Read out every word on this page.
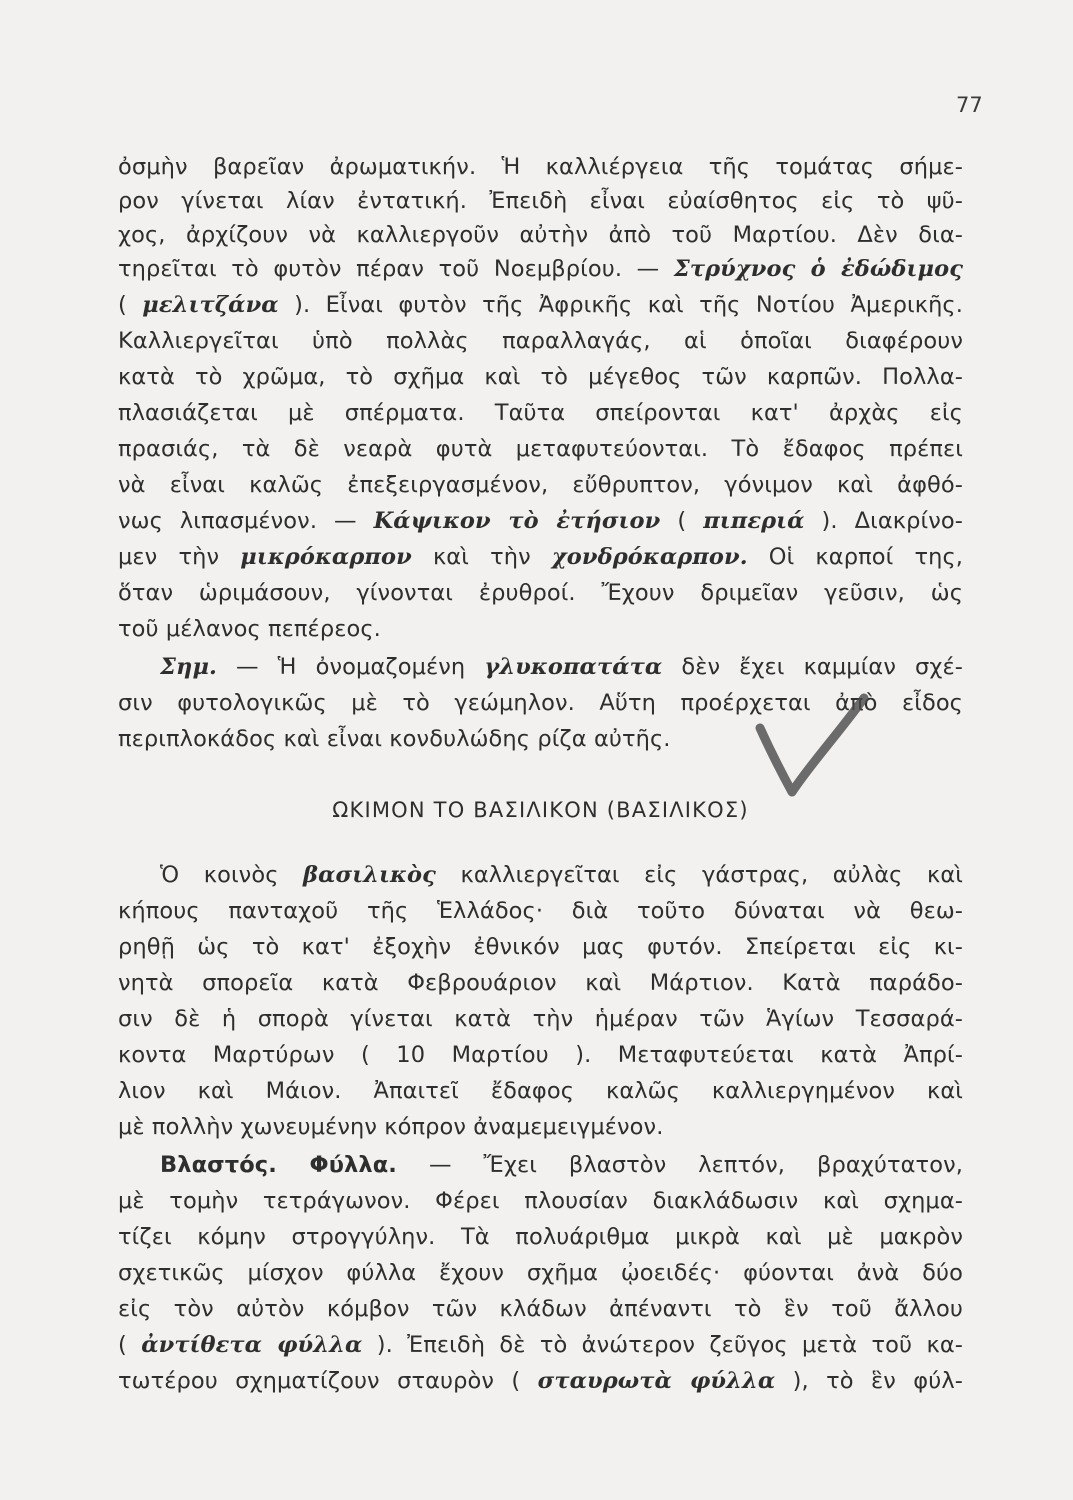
77
ὀσμὴν βαρεῖαν ἀρωματικήν. Ἡ καλλιέργεια τῆς τομάτας σήμε-
ρον γίνεται λίαν ἐντατική. Ἐπειδὴ εἶναι εὐαίσθητος εἰς τὸ ψῦ-
χος, ἀρχίζουν νὰ καλλιεργοῦν αὐτὴν ἀπὸ τοῦ Μαρτίου. Δὲν δια-
τηρεῖται τὸ φυτὸν πέραν τοῦ Νοεμβρίου. — Στρύχνος ὁ ἐδώδιμος
( μελιτζάνα ). Εἶναι φυτὸν τῆς Ἀφρικῆς καὶ τῆς Νοτίου Ἀμερικῆς.
Καλλιεργεῖται ὑπὸ πολλὰς παραλλαγάς, αἱ ὁποῖαι διαφέρουν
κατὰ τὸ χρῶμα, τὸ σχῆμα καὶ τὸ μέγεθος τῶν καρπῶν. Πολλα-
πλασιάζεται μὲ σπέρματα. Ταῦτα σπείρονται κατ' ἀρχὰς εἰς
πρασιάς, τὰ δὲ νεαρὰ φυτὰ μεταφυτεύονται. Τὸ ἔδαφος πρέπει
νὰ εἶναι καλῶς ἐπεξειργασμένον, εὔθρυπτον, γόνιμον καὶ ἀφθό-
νως λιπασμένον. — Κάψικον τὸ ἐτήσιον ( πιπεριά ). Διακρίνο-
μεν τὴν μικρόκαρπον καὶ τὴν χονδρόκαρπον. Οἱ καρποί της,
ὅταν ὡριμάσουν, γίνονται ἐρυθροί. Ἔχουν δριμεῖαν γεῦσιν, ὡς
τοῦ μέλανος πεπέρεος.
Σημ. — Ἡ ὀνομαζομένη γλυκοπατάτα δὲν ἔχει καμμίαν σχέ-
σιν φυτολογικῶς μὲ τὸ γεώμηλον. Αὕτη προέρχεται ἀπὸ εἶδος
περιπλοκάδος καὶ εἶναι κονδυλώδης ρίζα αὐτῆς.
ΩΚΙΜΟΝ ΤΟ ΒΑΣΙΛΙΚΟΝ (ΒΑΣΙΛΙΚΟΣ)
Ὁ κοινὸς βασιλικὸς καλλιεργεῖται εἰς γάστρας, αὐλὰς καὶ
κήπους πανταχοῦ τῆς Ἑλλάδος· διὰ τοῦτο δύναται νὰ θεω-
ρηθῇ ὡς τὸ κατ' ἐξοχὴν ἐθνικόν μας φυτόν. Σπείρεται εἰς κι-
νητὰ σπορεῖα κατὰ Φεβρουάριον καὶ Μάρτιον. Κατὰ παράδο-
σιν δὲ ἡ σπορὰ γίνεται κατὰ τὴν ἡμέραν τῶν Ἁγίων Τεσσαρά-
κοντα Μαρτύρων ( 10 Μαρτίου ). Μεταφυτεύεται κατὰ Ἀπρί-
λιον καὶ Μάιον. Ἀπαιτεῖ ἔδαφος καλῶς καλλιεργημένον καὶ
μὲ πολλὴν χωνευμένην κόπρον ἀναμεμειγμένον.
Βλαστός. Φύλλα. — Ἔχει βλαστὸν λεπτόν, βραχύτατον,
μὲ τομὴν τετράγωνον. Φέρει πλουσίαν διακλάδωσιν καὶ σχημα-
τίζει κόμην στρογγύλην. Τὰ πολυάριθμα μικρὰ καὶ μὲ μακρὸν
σχετικῶς μίσχον φύλλα ἔχουν σχῆμα ᾠοειδές· φύονται ἀνὰ δύο
εἰς τὸν αὐτὸν κόμβον τῶν κλάδων ἀπέναντι τὸ ἓν τοῦ ἄλλου
( ἀντίθετα φύλλα ). Ἐπειδὴ δὲ τὸ ἀνώτερον ζεῦγος μετὰ τοῦ κα-
τωτέρου σχηματίζουν σταυρὸν ( σταυρωτὰ φύλλα ), τὸ ἓν φύλ-
